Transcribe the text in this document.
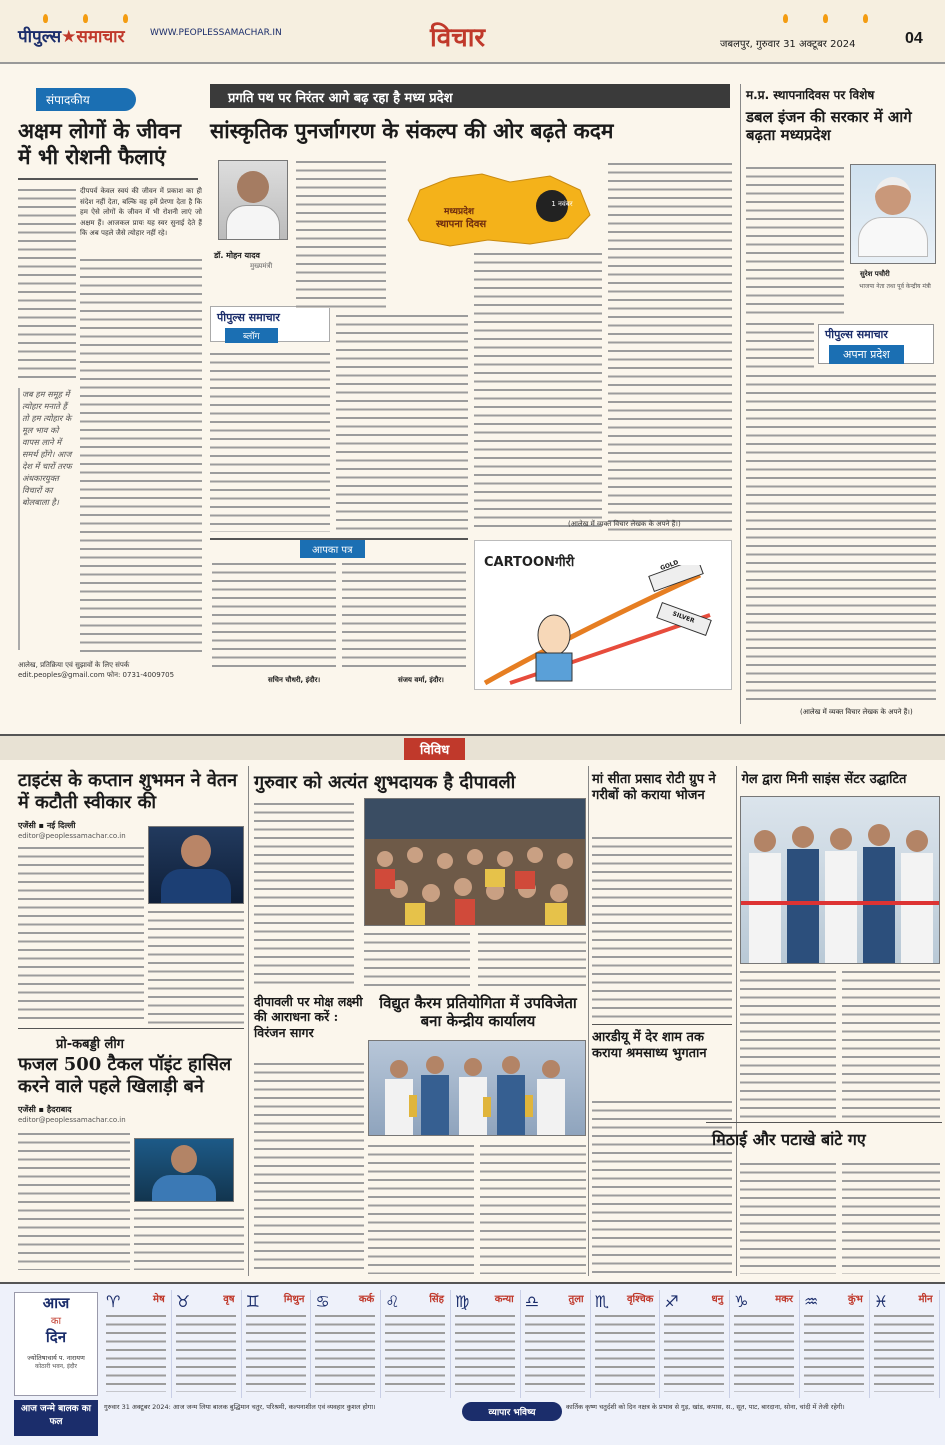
पीपुल्स★समाचार	WWW.PEOPLESSAMACHAR.IN	विचार	जबलपुर, गुरुवार 31 अक्टूबर 2024	04
संपादकीय
अक्षम लोगों के जीवन में भी रोशनी फैलाएं
दीपपर्व केवल स्वयं की जीवन में प्रकाश का ही संदेश नहीं देता, बल्कि वह हमें प्रेरणा देता है कि हम ऐसे लोगों के जीवन में भी रोशनी लाएं जो अक्षम हैं। आजकल प्रायः यह स्वर सुनाई देते हैं कि अब पहले जैसे त्योहार नहीं रहे।
जब हम समूह में त्योहार मनाते हैं तो हम त्योहार के मूल भाव को वापस लाने में समर्थ होंगे। आज देश में चारों तरफ अंधकारयुक्त विचारों का बोलबाला है।
आलेख, प्रतिक्रिया एवं सुझावों के लिए संपर्क edit.peoples@gmail.com फोन: 0731-4009705
प्रगति पथ पर निरंतर आगे बढ़ रहा है मध्य प्रदेश
सांस्कृतिक पुनर्जागरण के संकल्प की ओर बढ़ते कदम
डॉ. मोहन यादव
मुख्यमंत्री
पीपुल्स समाचार
ब्लॉग
मध्यप्रदेश
स्थापना दिवस
1 नवंबर
(आलेख में व्यक्त विचार लेखक के अपने हैं।)
आपका पत्र
सचिन चौधरी, इंदौर।	संजय वर्मा, इंदौर।
CARTOONगीरी	GOLD
SILVER
म.प्र. स्थापनादिवस पर विशेष
डबल इंजन की सरकार में आगे बढ़ता मध्यप्रदेश
सुरेश पचौरी
भाजपा नेता तथा पूर्व केन्द्रीय मंत्री
पीपुल्स समाचार
अपना प्रदेश
(आलेख में व्यक्त विचार लेखक के अपने हैं।)
विविध
टाइटंस के कप्तान शुभमन ने वेतन में कटौती स्वीकार की
एजेंसी ▪ नई दिल्ली
editor@peoplessamachar.co.in
प्रो-कबड्डी लीग
फजल 500 टैकल पॉइंट हासिल करने वाले पहले खिलाड़ी बने
एजेंसी ▪ हैदराबाद
editor@peoplessamachar.co.in
गुरुवार को अत्यंत शुभदायक है दीपावली
दीपावली पर मोक्ष लक्ष्मी की आराधना करें : विरंजन सागर
विद्युत कैरम प्रतियोगिता में उपविजेता बना केन्द्रीय कार्यालय
मां सीता प्रसाद रोटी ग्रुप ने गरीबों को कराया भोजन
आरडीयू में देर शाम तक कराया श्रमसाध्य भुगतान
गेल द्वारा मिनी साइंस सेंटर उद्घाटित
मिठाई और पटाखे बांटे गए
आज
का
दिन
ज्योतिषाचार्य प. नारायण
कोठारी भवन, इंदौर
♈	मेष ♉	वृष ♊ मिथुन ♋	कर्क ♌	सिंह ♍	कन्या ♎	तुला ♏ वृश्चिक ♐	धनु ♑	मकर ♒	कुंभ ♓	मीन
आज जन्मे बालक का फल
गुरुवार 31 अक्टूबर 2024: आज जन्म लिया बालक बुद्धिमान चतुर, परिश्रमी, कल्पनाशील एवं व्यवहार कुशल होगा।
व्यापार भविष्य
कार्तिक कृष्ण चतुर्दशी को दिन नक्षत्र के प्रभाव से गुड़, खांड, कपास, स., सूत, पाट, बारदाना, सोना, चांदी में तेजी रहेगी।
